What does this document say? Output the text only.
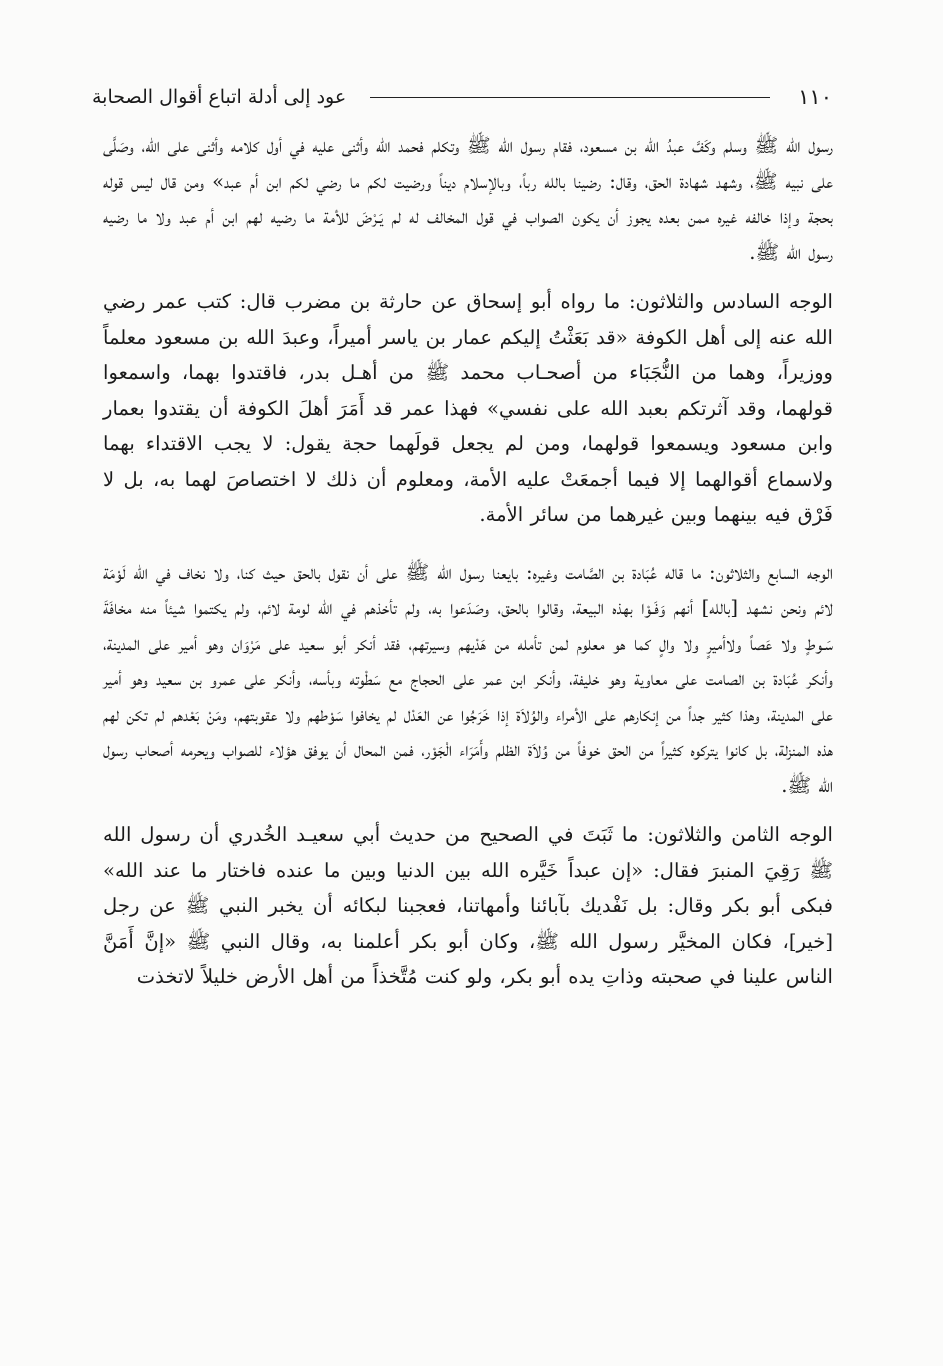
١١٠
عود إلى أدلة اتباع أقوال الصحابة

رسول الله ﷺ وسلم وكَفَّ عبدُ الله بن مسعود، فقام رسول الله ﷺ وتكلم فحمد الله وأثنى عليه في أول كلامه وأثنى على الله، وصَلَّى على نبيه ﷺ، وشهد شهادة الحق، وقال: رضينا بالله رباً، وبالإسلام ديناً ورضيت لكم ما رضي لكم ابن أم عبد» ومن قال ليس قوله بحجة وإذا خالفه غيره ممن بعده يجوز أن يكون الصواب في قول المخالف له لم يَـرْضَ للأمة ما رضيه لهم ابن أم عبد ولا ما رضيه رسول الله ﷺ.

الوجه السادس والثلاثون: ما رواه أبو إسحاق عن حارثة بن مضرب قال: كتب عمر رضي الله عنه إلى أهل الكوفة «قد بَعَثْتُ إليكم عمار بن ياسر أميراً، وعبدَ الله بن مسعود معلماً ووزيراً، وهما من النُّجَبَاء من أصحـاب محمد ﷺ من أهـل بدر، فاقتدوا بهما، واسمعوا قولهما، وقد آثرتكم بعبد الله على نفسي» فهذا عمر قد أَمَرَ أهلَ الكوفة أن يقتدوا بعمار وابن مسعود ويسمعوا قولهما، ومن لم يجعل قولَهما حجة يقول: لا يجب الاقتداء بهما ولاسماع أقوالهما إلا فيما أجمعَتْ عليه الأمة، ومعلوم أن ذلك لا اختصاصَ لهما به، بل لا فَرْق فيه بينهما وبين غيرهما من سائر الأمة.

الوجه السابع والثلاثون: ما قاله عُبَادة بن الصَّامت وغيره: بايعنا رسول الله ﷺ على أن نقول بالحق حيث كنا، ولا نخاف في الله لَوْمَة لائم ونحن نشهد [بالله] أنهم وَفَـوْا بهذه البيعة، وقالوا بالحق، وصَدَعوا به، ولم تأخذهم في الله لومة لائم، ولم يكتموا شيئاً منه مخافَةَ سَـوطٍ ولا عَصاً ولاأميرٍ ولا والٍ كما هو معلوم لمن تأمله من هَدْيهم وسيرتهم، فقد أنكر أبو سعيد على مَرْوَان وهو أمير على المدينة، وأنكر عُبَادة بن الصامت على معاوية وهو خليفة، وأنكر ابن عمر على الحجاج مع سَطْوته وبأسه، وأنكر على عمرو بن سعيد وهو أمير على المدينة، وهذا كثير جداً من إنكارهم على الأمراء والوُلاَة إذا خَرَجُوا عن العَدْل لم يخافوا سَوْطهم ولا عقوبتهم، ومَنْ بَعْدهم لم تكن لهم هذه المنزلة، بل كانوا يتركوه كثيراً من الحق خوفاً من وُلاَة الظلم وأَمَرَاء الْجَوْر، فمن المحال أن يوفق هؤلاء للصواب ويحرمه أصحاب رسول الله ﷺ.

الوجه الثامن والثلاثون: ما ثَبَتَ في الصحيح من حديث أبي سعيـد الخُدري أن رسول الله ﷺ رَقِيَ المنبرَ فقال: «إن عبداً خَيَّره الله بين الدنيا وبين ما عنده فاختار ما عند الله» فبكى أبو بكر وقال: بل نَفْديك بآبائنا وأمهاتنا، فعجبنا لبكائه أن يخبر النبي ﷺ عن رجل [خير]، فكان المخيَّر رسول الله ﷺ، وكان أبو بكر أعلمنا به، وقال النبي ﷺ «إنَّ أَمَنَّ الناس علينا في صحبته وذاتِ يده أبو بكر، ولو كنت مُتَّخذاً من أهل الأرض خليلاً لاتخذت
